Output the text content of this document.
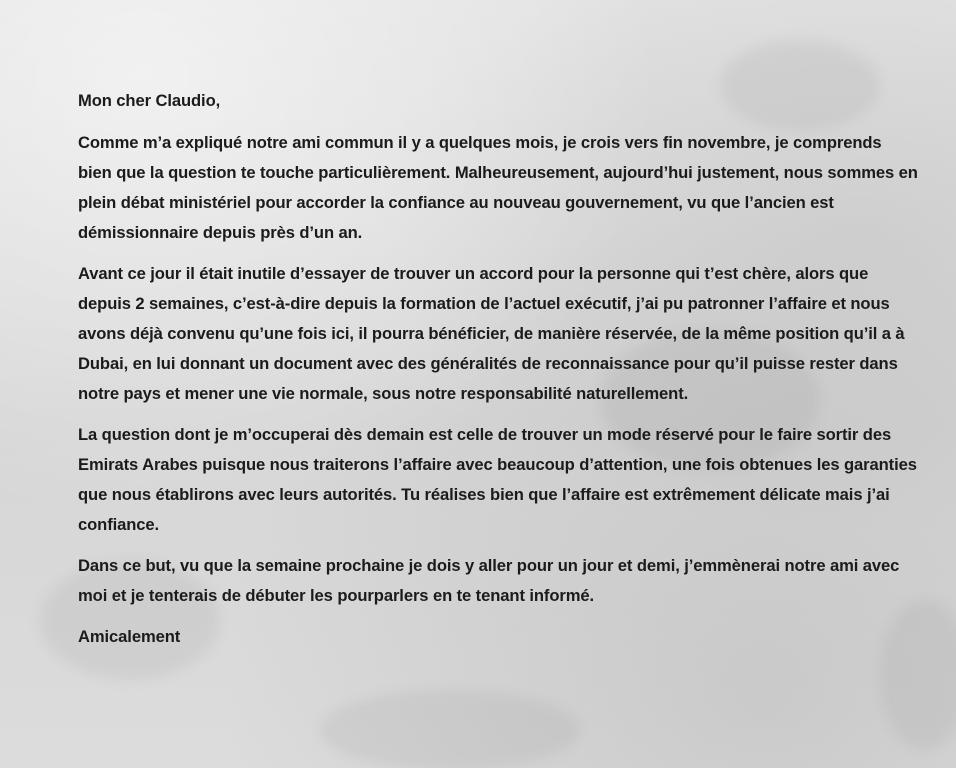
Mon cher Claudio,

Comme m’a expliqué notre ami commun il y a quelques mois, je crois vers fin novembre, je comprends bien que la question te touche particulièrement. Malheureusement, aujourd’hui justement, nous sommes en plein débat ministériel pour accorder la confiance au nouveau gouvernement, vu que l’ancien est démissionnaire depuis près d’un an.

Avant ce jour il était inutile d’essayer de trouver un accord pour la personne qui t’est chère, alors que depuis 2 semaines, c’est-à-dire depuis la formation de l’actuel exécutif, j’ai pu patronner l’affaire et nous avons déjà convenu qu’une fois ici, il pourra bénéficier, de manière réservée, de la même position qu’il a à Dubai, en lui donnant un document avec des généralités de reconnaissance pour qu’il puisse rester dans notre pays et mener une vie normale, sous notre responsabilité naturellement.

La question dont je m’occuperai dès demain est celle de trouver un mode réservé pour le faire sortir des Emirats Arabes puisque nous traiterons l’affaire avec beaucoup d’attention, une fois obtenues les garanties que nous établirons avec leurs autorités. Tu réalises bien que l’affaire est extrêmement délicate mais j’ai confiance.

Dans ce but, vu que la semaine prochaine je dois y aller pour un jour et demi, j’emmènerai notre ami avec moi et je tenterais de débuter les pourparlers en te tenant informé.

Amicalement
